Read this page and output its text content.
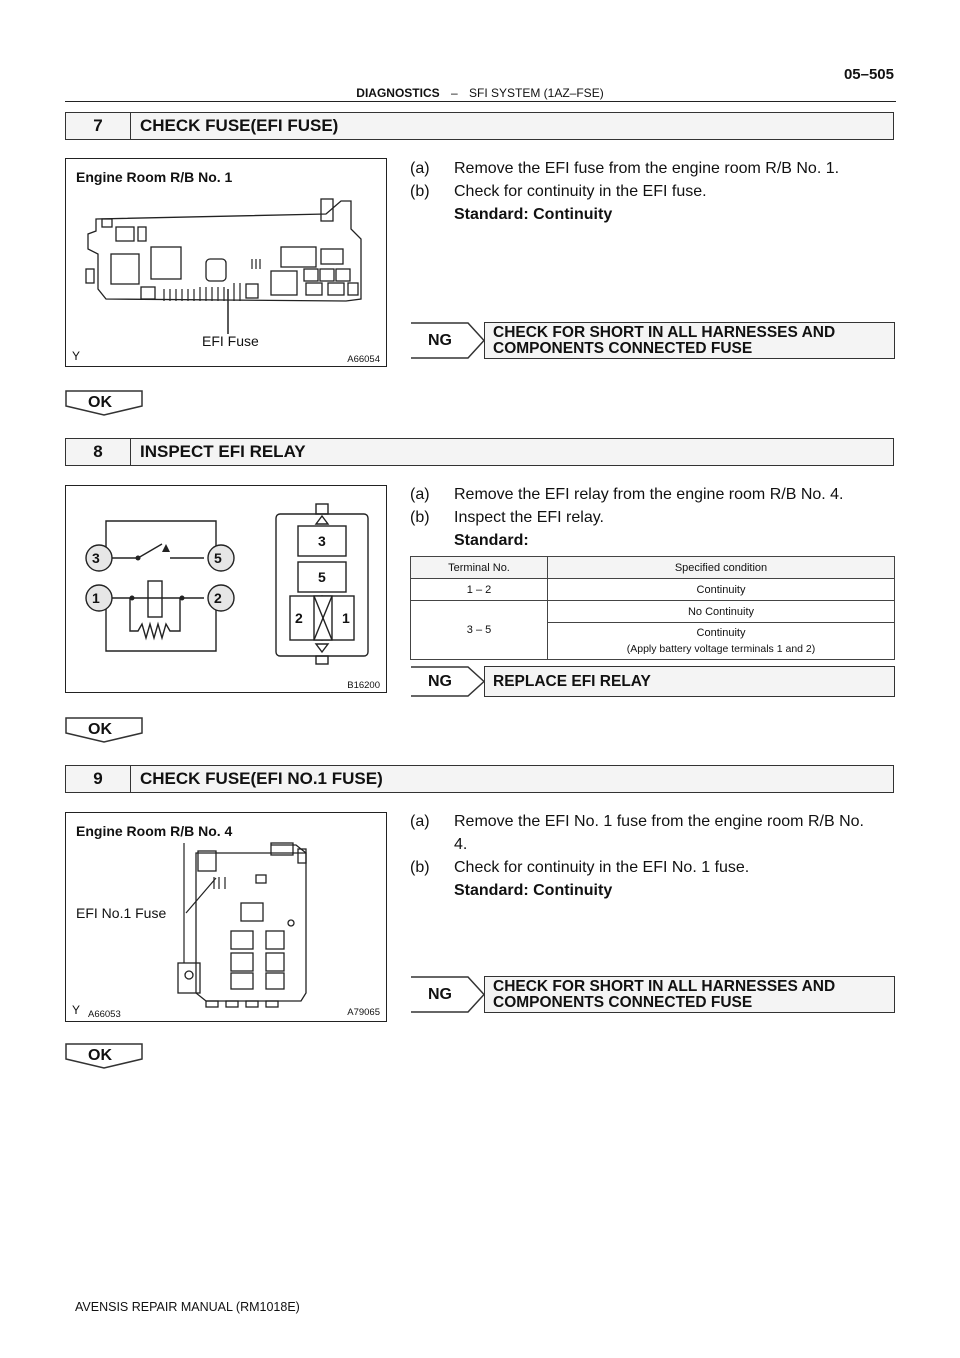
05–505
DIAGNOSTICS – SFI SYSTEM (1AZ–FSE)
7	CHECK FUSE(EFI FUSE)
Engine Room R/B No. 1
EFI Fuse
Y	A66054
(a) Remove the EFI fuse from the engine room R/B No. 1.
(b) Check for continuity in the EFI fuse.
Standard: Continuity
NG	CHECK FOR SHORT IN ALL HARNESSES AND COMPONENTS CONNECTED FUSE
OK
8	INSPECT EFI RELAY
3	5
1	2
3
5
2	1
B16200
(a) Remove the EFI relay from the engine room R/B No. 4.
(b) Inspect the EFI relay.
Standard:
Terminal No.	Specified condition
1 – 2	Continuity
3 – 5	No Continuity

	Continuity
(Apply battery voltage terminals 1 and 2)
NG	REPLACE EFI RELAY
OK
9	CHECK FUSE(EFI NO.1 FUSE)
Engine Room R/B No. 4
EFI No.1 Fuse
Y A66053	A79065
(a) Remove the EFI No. 1 fuse from the engine room R/B No.
4.
(b) Check for continuity in the EFI No. 1 fuse.
Standard: Continuity
NG	CHECK FOR SHORT IN ALL HARNESSES AND COMPONENTS CONNECTED FUSE
OK
AVENSIS REPAIR MANUAL (RM1018E)
